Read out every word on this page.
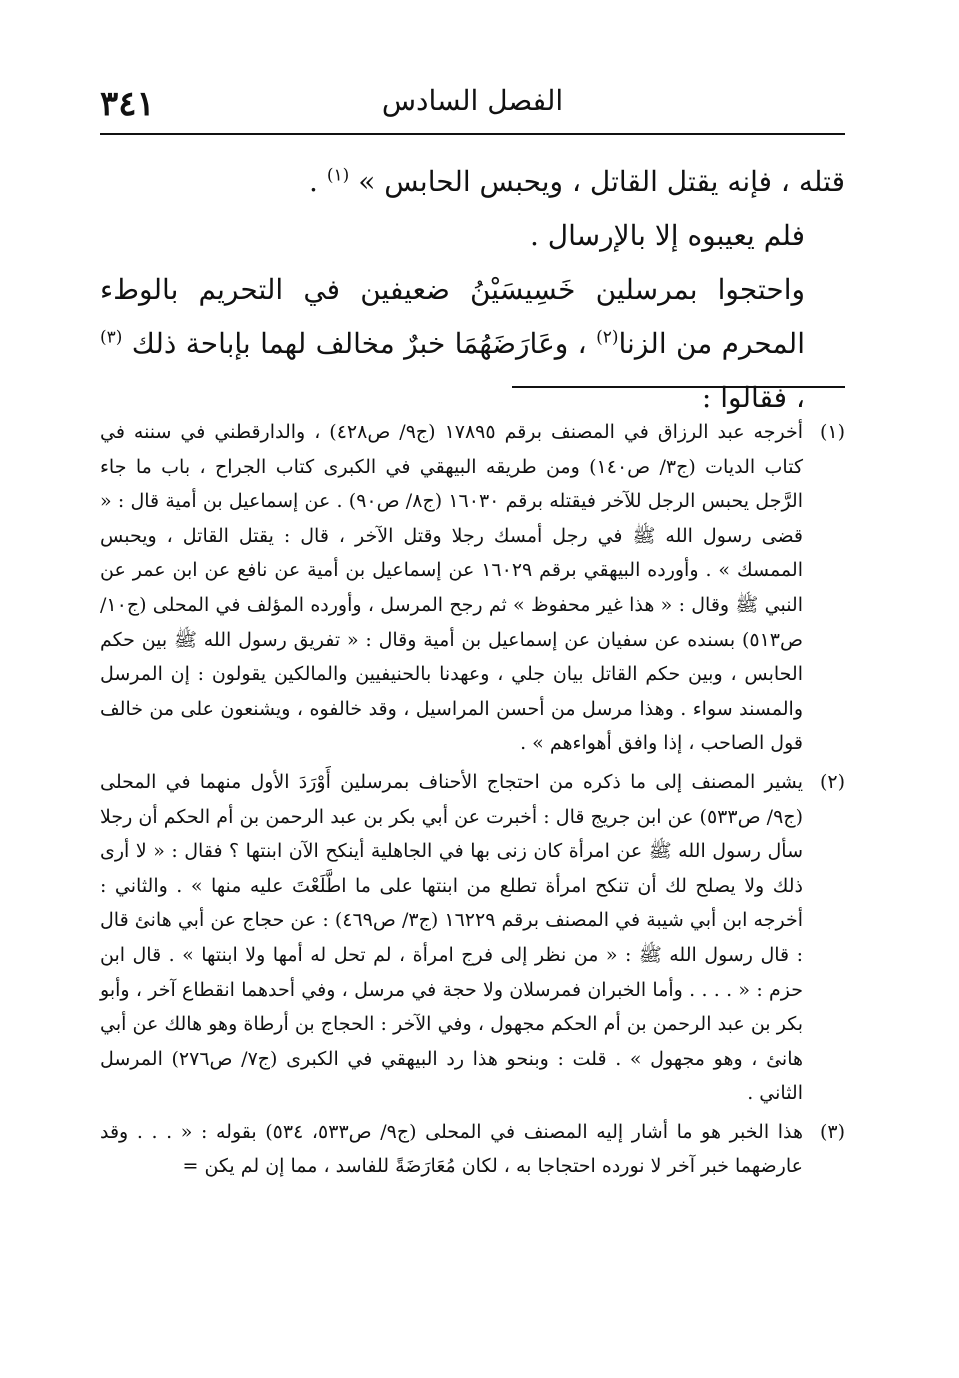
٣٤١	الفصل السادس

قتله ، فإنه يقتل القاتل ، ويحبس الحابس » $^{(١)}$ .

فلم يعيبوه إلا بالإرسال .

واحتجوا بمرسلين خَسِيسَيْنُ ضعيفين في التحريم بالوطء المحرم من الزنا$^{(٢)}$ ، وعَارَضَهُمَا خبرٌ مخالف لهما بإباحة ذلك $^{(٣)}$ ، فقالوا :

(١)
أخرجه عبد الرزاق في المصنف برقم ١٧٨٩٥ (ج٩/ ص٤٢٨) ، والدارقطني في سننه في كتاب الديات (ج٣/ ص١٤٠) ومن طريقه البيهقي في الكبرى كتاب الجراح ، باب ما جاء الرَّجل يحبس الرجل للآخر فيقتله برقم ١٦٠٣٠ (ج٨/ ص٩٠) . عن إسماعيل بن أمية قال : « قضى رسول الله ﷺ في رجل أمسك رجلا وقتل الآخر ، قال : يقتل القاتل ، ويحبس الممسك » . وأورده البيهقي برقم ١٦٠٢٩ عن إسماعيل بن أمية عن نافع عن ابن عمر عن النبي ﷺ وقال : « هذا غير محفوظ » ثم رجح المرسل ، وأورده المؤلف في المحلى (ج١٠/ ص٥١٣) بسنده عن سفيان عن إسماعيل بن أمية وقال : « تفريق رسول الله ﷺ بين حكم الحابس ، وبين حكم القاتل بيان جلي ، وعهدنا بالحنيفيين والمالكين يقولون : إن المرسل والمسند سواء . وهذا مرسل من أحسن المراسيل ، وقد خالفوه ، ويشنعون على من خالف قول الصاحب ، إذا وافق أهواءهم » .
(٢)
يشير المصنف إلى ما ذكره من احتجاج الأحناف بمرسلين أَوْرَدَ الأول منهما في المحلى (ج٩/ ص٥٣٣) عن ابن جريج قال : أخبرت عن أبي بكر بن عبد الرحمن بن أم الحكم أن رجلا سأل رسول الله ﷺ عن امرأة كان زنى بها في الجاهلية أينكح الآن ابنتها ؟ فقال : « لا أرى ذلك ولا يصلح لك أن تنكح امرأة تطلع من ابنتها على ما اطَّلَعْتَ عليه منها » . والثاني : أخرجه ابن أبي شيبة في المصنف برقم ١٦٢٢٩ (ج٣/ ص٤٦٩) : عن حجاج عن أبي هانئ قال : قال رسول الله ﷺ : « من نظر إلى فرج امرأة ، لم تحل له أمها ولا ابنتها » . قال ابن حزم : « . . . . وأما الخبران فمرسلان ولا حجة في مرسل ، وفي أحدهما انقطاع آخر ، وأبو بكر بن عبد الرحمن بن أم الحكم مجهول ، وفي الآخر : الحجاج بن أرطاة وهو هالك عن أبي هانئ ، وهو مجهول » . قلت : وبنحو هذا رد البيهقي في الكبرى (ج٧/ ص٢٧٦) المرسل الثاني .
(٣)
هذا الخبر هو ما أشار إليه المصنف في المحلى (ج٩/ ص٥٣٣، ٥٣٤) بقوله : « . . . وقد عارضهما خبر آخر لا نورده احتجاجا به ، لكان مُعَارَضَةً للفاسد ، مما إن لم يكن =
